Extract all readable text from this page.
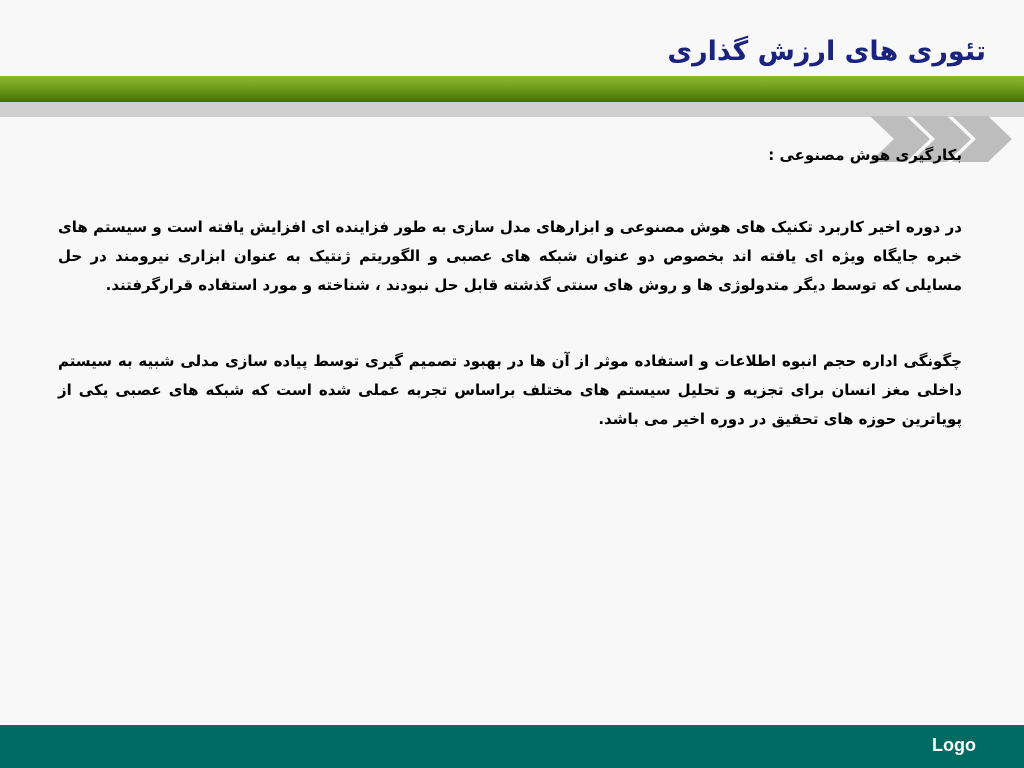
تئوری های ارزش گذاری

بکارگیری هوش مصنوعی :

در دوره اخیر کاربرد تکنیک های هوش مصنوعی و ابزارهای مدل سازی به طور فزاینده ای افزایش یافته است و سیستم های خبره جایگاه ویژه ای یافته اند بخصوص دو عنوان شبکه های عصبی و الگوریتم ژنتیک به عنوان ابزاری نیرومند در حل مسایلی که توسط دیگر متدولوژی ها و روش های سنتی گذشته قابل حل نبودند ، شناخته و مورد استفاده قرارگرفتند.

چگونگی اداره حجم انبوه اطلاعات و استفاده موثر از آن ها در بهبود تصمیم گیری توسط پیاده سازی مدلی شبیه به سیستم داخلی مغز انسان برای تجزیه و تحلیل سیستم های مختلف براساس تجربه عملی شده است که شبکه های عصبی یکی از پویاترین حوزه های تحقیق در دوره اخیر می باشد.

Logo
